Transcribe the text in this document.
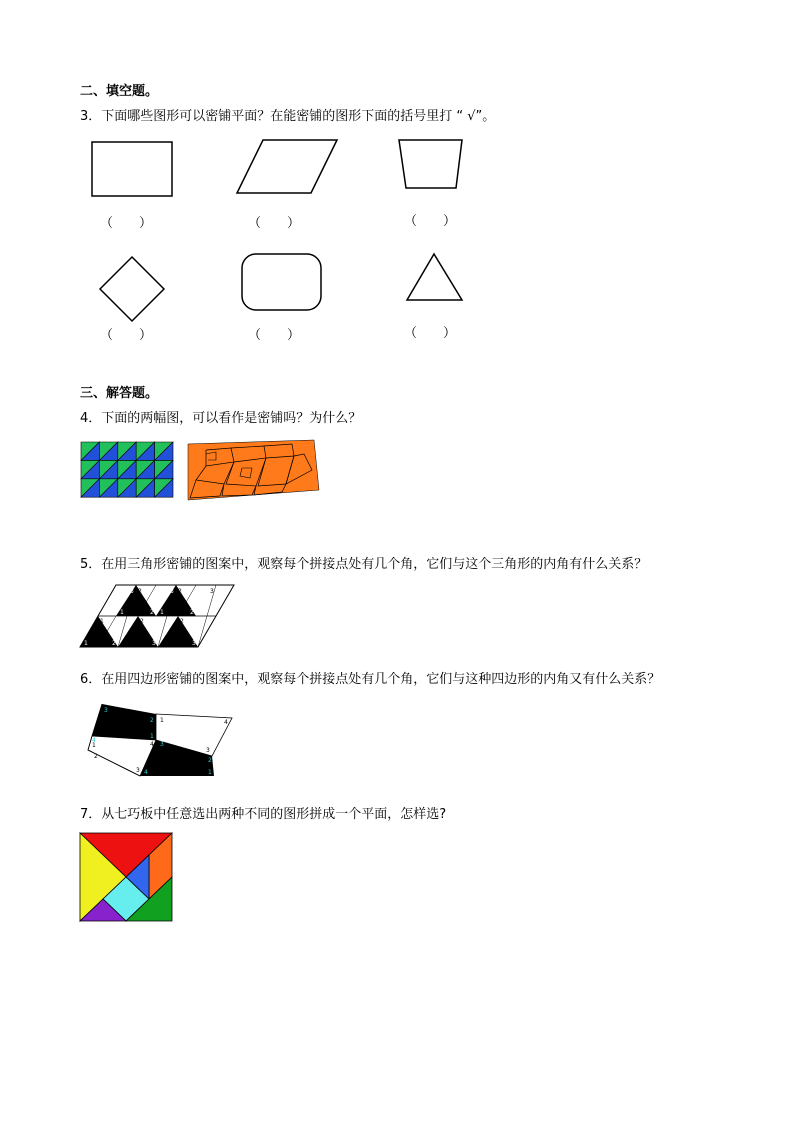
二、填空题。
3．下面哪些图形可以密铺平面？在能密铺的图形下面的括号里打 “ √”。
（　　）	（　　）	（　　）
（　　）	（　　）	（　　）
三、解答题。
4．下面的两幅图，可以看作是密铺吗？为什么？
5．在用三角形密铺的图案中，观察每个拼接点处有几个角，它们与这个三角形的内角有什么关系？
3 2	3 2	3
1	2 1	2
1	2	2
1	2	3	3
6．在用四边形密铺的图案中，观察每个拼接点处有几个角，它们与这种四边形的内角又有什么关系？
3
2 1	4
4
1	4
1
3
3
2
2
1
3 4
7．从七巧板中任意选出两种不同的图形拼成一个平面，怎样选?
